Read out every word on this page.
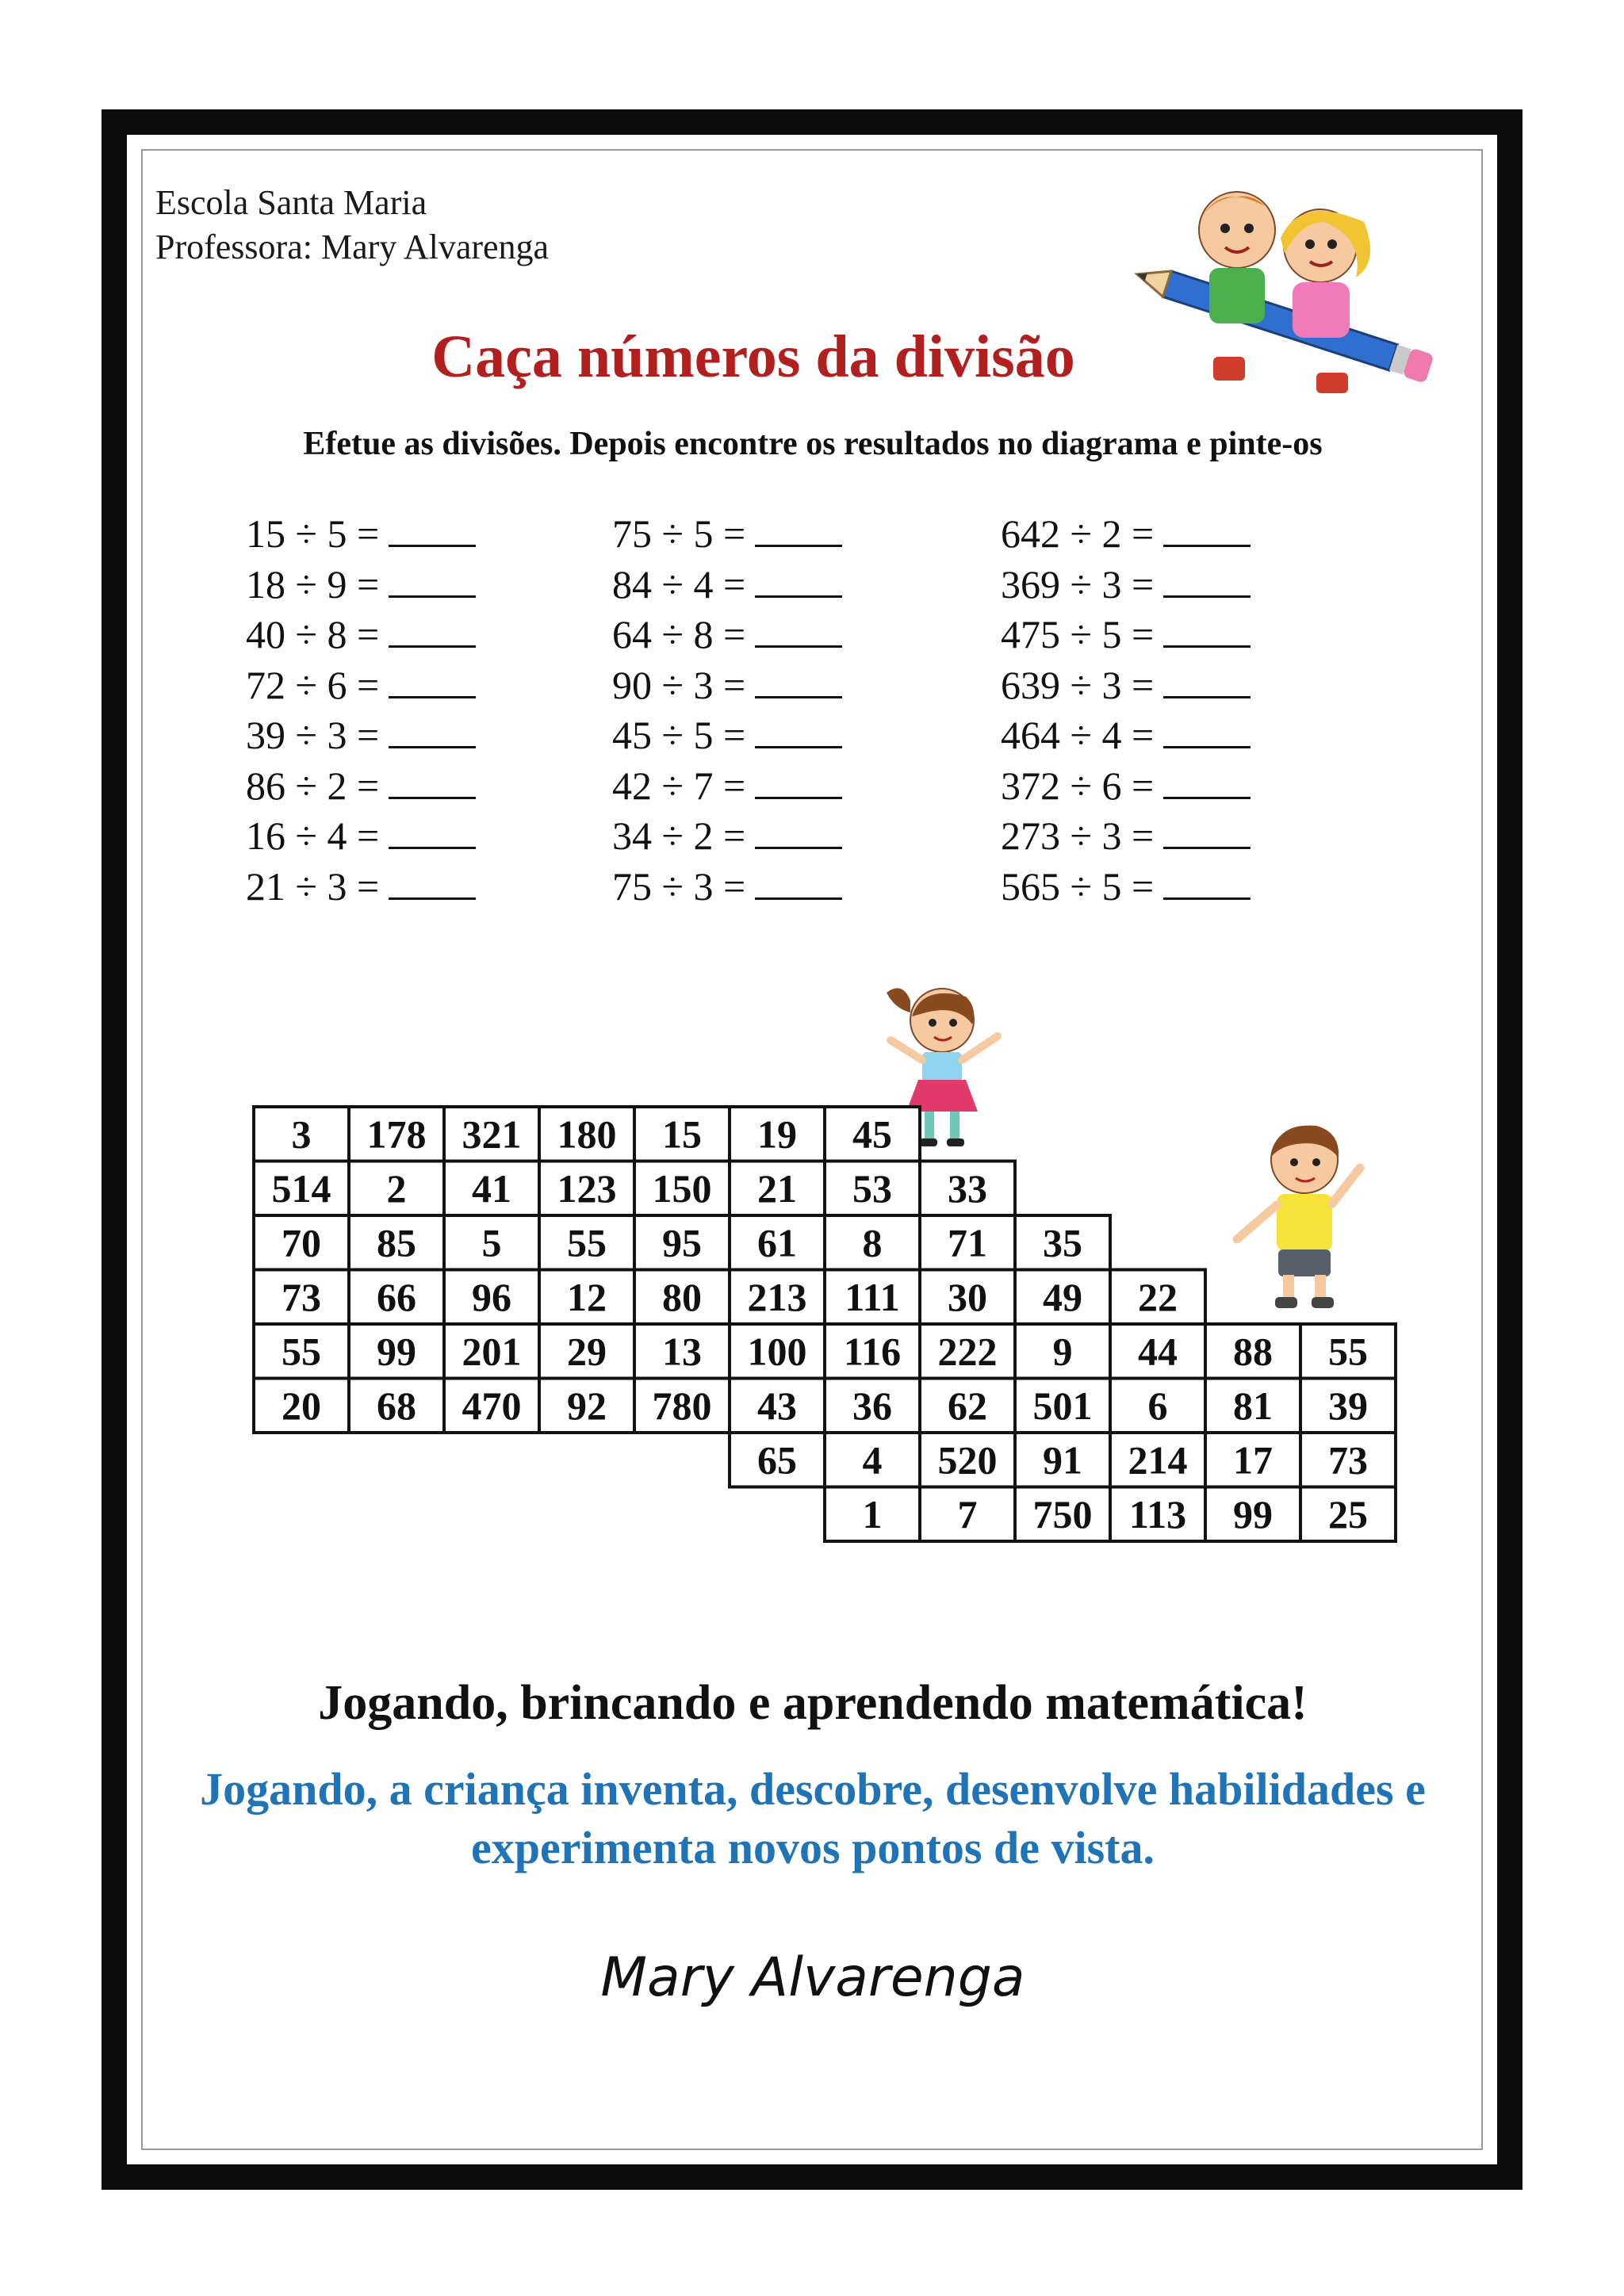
Escola Santa Maria
Professora: Mary Alvarenga
Caça números da divisão
Efetue as divisões. Depois encontre os resultados no diagrama e pinte-os
15 ÷ 5 =
18 ÷ 9 =
40 ÷ 8 =
72 ÷ 6 =
39 ÷ 3 =
86 ÷ 2 =
16 ÷ 4 =
21 ÷ 3 =
75 ÷ 5 =
84 ÷ 4 =
64 ÷ 8 =
90 ÷ 3 =
45 ÷ 5 =
42 ÷ 7 =
34 ÷ 2 =
75 ÷ 3 =
642 ÷ 2 =
369 ÷ 3 =
475 ÷ 5 =
639 ÷ 3 =
464 ÷ 4 =
372 ÷ 6 =
273 ÷ 3 =
565 ÷ 5 =
3 178 321 180 15 19 45
514 2 41 123 150 21 53 33
70 85 5 55 95 61 8 71 35
73 66 96 12 80 213 111 30 49 22
55 99 201 29 13 100 116 222 9 44 88 55
20 68 470 92 780 43 36 62 501 6 81 39
65 4 520 91 214 17 73
1 7 750 113 99 25
Jogando, brincando e aprendendo matemática!
Jogando, a criança inventa, descobre, desenvolve habilidades e experimenta novos pontos de vista.
Mary Alvarenga
